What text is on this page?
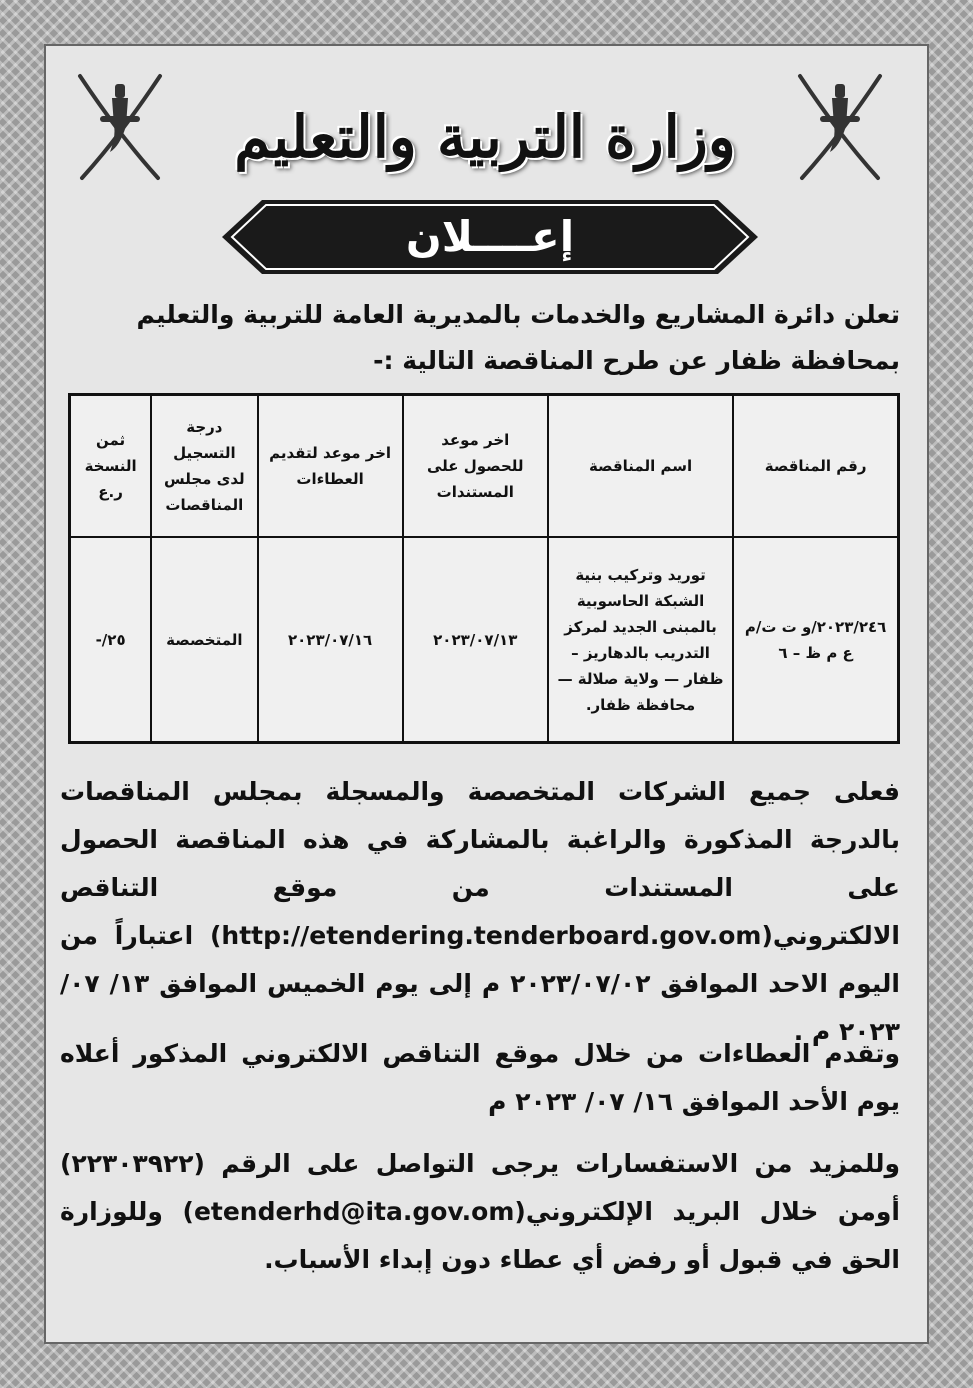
وزارة التربية والتعليم
إعــــلان
تعلن دائرة المشاريع والخدمات بالمديرية العامة للتربية والتعليم بمحافظة ظفار عن طرح المناقصة التالية :-
رقم المناقصة	اسم المناقصة	اخر موعد للحصول على المستندات	اخر موعد لتقديم العطاءات	درجة التسجيل لدى مجلس المناقصات	ثمن النسخة ر.ع
٢٠٢٣/٢٤٦/و ت ت/م ع م ظ – ٦	توريد وتركيب بنية الشبكة الحاسوبية بالمبنى الجديد لمركز التدريب بالدهاريز – ظفار — ولاية صلالة — محافظة ظفار.	٢٠٢٣/٠٧/١٣	٢٠٢٣/٠٧/١٦	المتخصصة	٢٥/-
فعلى جميع الشركات المتخصصة والمسجلة بمجلس المناقصات بالدرجة المذكورة والراغبة بالمشاركة في هذه المناقصة الحصول على المستندات من موقع التناقص الالكتروني(http://etendering.tenderboard.gov.om) اعتباراً من اليوم الاحد الموافق ٢٠٢٣/٠٧/٠٢ م إلى يوم الخميس الموافق ١٣/ ٠٧/ ٢٠٢٣ م .
وتقدم العطاءات من خلال موقع التناقص الالكتروني المذكور أعلاه يوم الأحد الموافق ١٦/ ٠٧/ ٢٠٢٣ م
وللمزيد من الاستفسارات يرجى التواصل على الرقم (٢٢٣٠٣٩٢٢) أومن خلال البريد الإلكتروني(etenderhd@ita.gov.om) وللوزارة الحق في قبول أو رفض أي عطاء دون إبداء الأسباب.
